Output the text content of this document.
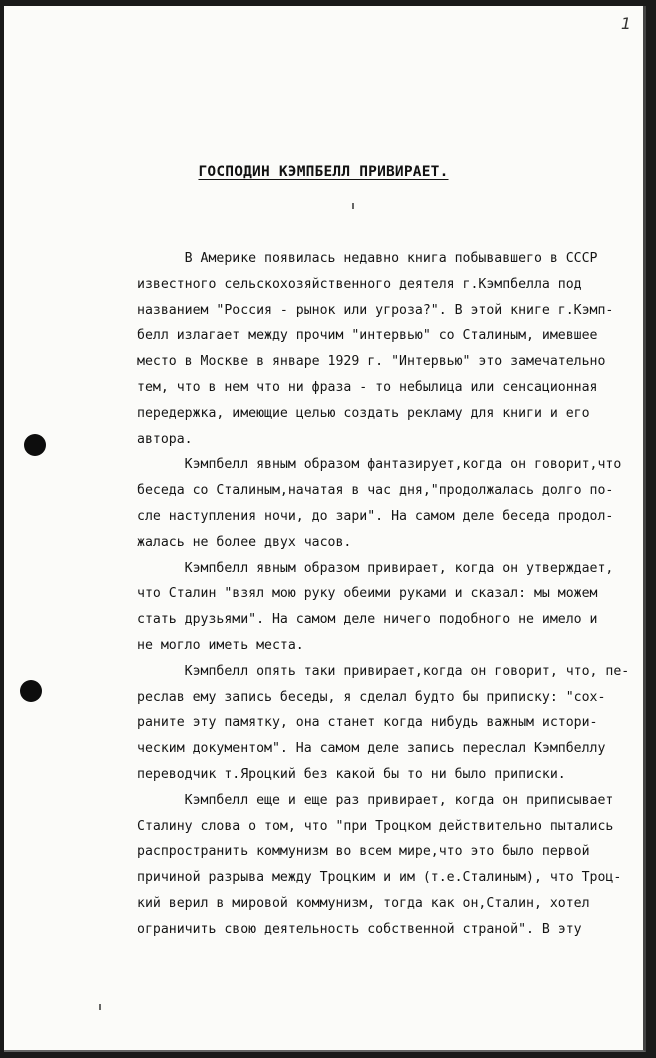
1
ГОСПОДИН КЭМПБЕЛЛ ПРИВИРАЕТ.
В Америке появилась недавно книга побывавшего в СССР
известного сельскохозяйственного деятеля г.Кэмпбелла под
названием "Россия - рынок или угроза?". В этой книге г.Кэмп-
белл излагает между прочим "интервью" со Сталиным, имевшее
место в Москве в январе 1929 г. "Интервью" это замечательно
тем, что в нем что ни фраза - то небылица или сенсационная
передержка, имеющие целью создать рекламу для книги и его
автора.
Кэмпбелл явным образом фантазирует,когда он говорит,что
беседа со Сталиным,начатая в час дня,"продолжалась долго по-
сле наступления ночи, до зари". На самом деле беседа продол-
жалась не более двух часов.
Кэмпбелл явным образом привирает, когда он утверждает,
что Сталин "взял мою руку обеими руками и сказал: мы можем
стать друзьями". На самом деле ничего подобного не имело и
не могло иметь места.
Кэмпбелл опять таки привирает,когда он говорит, что, пе-
реслав ему запись беседы, я сделал будто бы приписку: "сох-
раните эту памятку, она станет когда нибудь важным истори-
ческим документом". На самом деле запись переслал Кэмпбеллу
переводчик т.Яроцкий без какой бы то ни было приписки.
Кэмпбелл еще и еще раз привирает, когда он приписывает
Сталину слова о том, что "при Троцком действительно пытались
распространить коммунизм во всем мире,что это было первой
причиной разрыва между Троцким и им (т.е.Сталиным), что Троц-
кий верил в мировой коммунизм, тогда как он,Сталин, хотел
ограничить свою деятельность собственной страной". В эту
